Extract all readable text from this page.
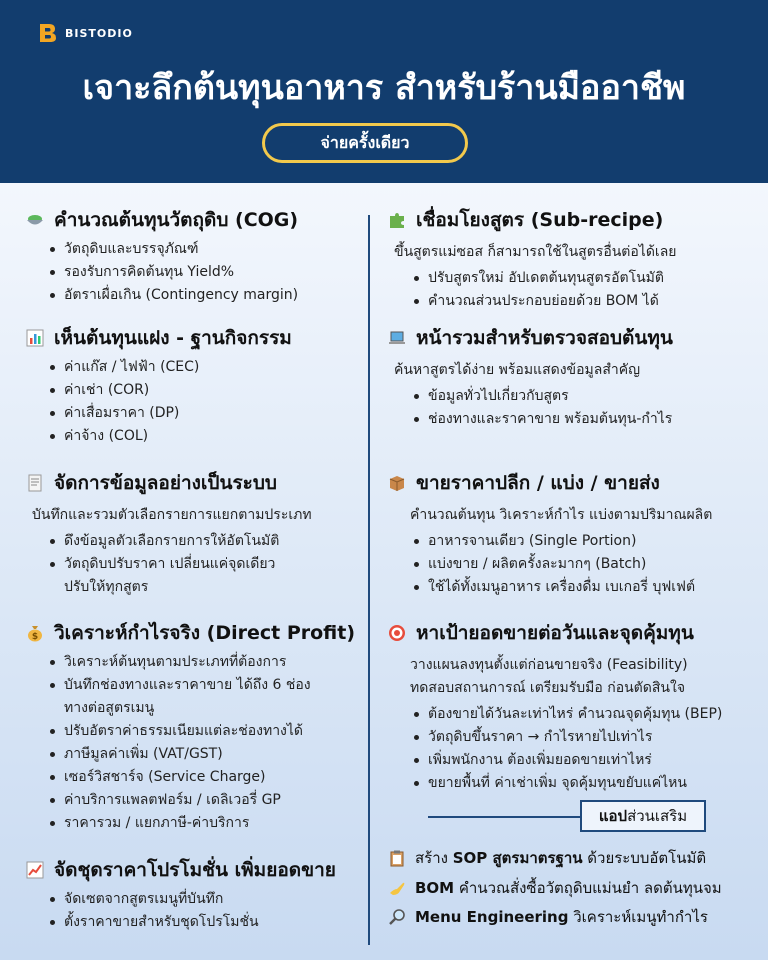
BISTODIO
เจาะลึกต้นทุนอาหาร สำหรับร้านมืออาชีพ
จ่ายครั้งเดียว
คำนวณต้นทุนวัตถุดิบ (COG)
วัตถุดิบและบรรจุภัณฑ์
รองรับการคิดต้นทุน Yield%
อัตราเผื่อเกิน (Contingency margin)
เห็นต้นทุนแฝง - ฐานกิจกรรม
ค่าแก๊ส / ไฟฟ้า (CEC)
ค่าเช่า (COR)
ค่าเสื่อมราคา (DP)
ค่าจ้าง (COL)
จัดการข้อมูลอย่างเป็นระบบ
บันทึกและรวมตัวเลือกรายการแยกตามประเภท
ดึงข้อมูลตัวเลือกรายการให้อัตโนมัติ
วัตถุดิบปรับราคา เปลี่ยนแค่จุดเดียว
ปรับให้ทุกสูตร
$ วิเคราะห์กำไรจริง (Direct Profit)
วิเคราะห์ต้นทุนตามประเภทที่ต้องการ
บันทึกช่องทางและราคาขาย ได้ถึง 6 ช่อง
ทางต่อสูตรเมนู
ปรับอัตราค่าธรรมเนียมแต่ละช่องทางได้
ภาษีมูลค่าเพิ่ม (VAT/GST)
เซอร์วิสชาร์จ (Service Charge)
ค่าบริการแพลตฟอร์ม / เดลิเวอรี่ GP
ราคารวม / แยกภาษี-ค่าบริการ
จัดชุดราคาโปรโมชั่น เพิ่มยอดขาย
จัดเซตจากสูตรเมนูที่บันทึก
ตั้งราคาขายสำหรับชุดโปรโมชั่น
เชื่อมโยงสูตร (Sub-recipe)
ขึ้นสูตรแม่ซอส ก็สามารถใช้ในสูตรอื่นต่อได้เลย
ปรับสูตรใหม่ อัปเดตต้นทุนสูตรอัตโนมัติ
คำนวณส่วนประกอบย่อยด้วย BOM ได้
หน้ารวมสำหรับตรวจสอบต้นทุน
ค้นหาสูตรได้ง่าย พร้อมแสดงข้อมูลสำคัญ
ข้อมูลทั่วไปเกี่ยวกับสูตร
ช่องทางและราคาขาย พร้อมต้นทุน-กำไร
ขายราคาปลีก / แบ่ง / ขายส่ง
คำนวณต้นทุน วิเคราะห์กำไร แบ่งตามปริมาณผลิต
อาหารจานเดียว (Single Portion)
แบ่งขาย / ผลิตครั้งละมากๆ (Batch)
ใช้ได้ทั้งเมนูอาหาร เครื่องดื่ม เบเกอรี่ บุฟเฟต์
หาเป้ายอดขายต่อวันและจุดคุ้มทุน
วางแผนลงทุนตั้งแต่ก่อนขายจริง (Feasibility)
ทดสอบสถานการณ์ เตรียมรับมือ ก่อนตัดสินใจ
ต้องขายได้วันละเท่าไหร่ คำนวณจุดคุ้มทุน (BEP)
วัตถุดิบขึ้นราคา → กำไรหายไปเท่าไร
เพิ่มพนักงาน ต้องเพิ่มยอดขายเท่าไหร่
ขยายพื้นที่ ค่าเช่าเพิ่ม จุดคุ้มทุนขยับแค่ไหน
แอป ส่วนเสริม
สร้าง SOP สูตรมาตรฐาน ด้วยระบบอัตโนมัติ
BOM คำนวณสั่งซื้อวัตถุดิบแม่นยำ ลดต้นทุนจม
Menu Engineering วิเคราะห์เมนูทำกำไร
